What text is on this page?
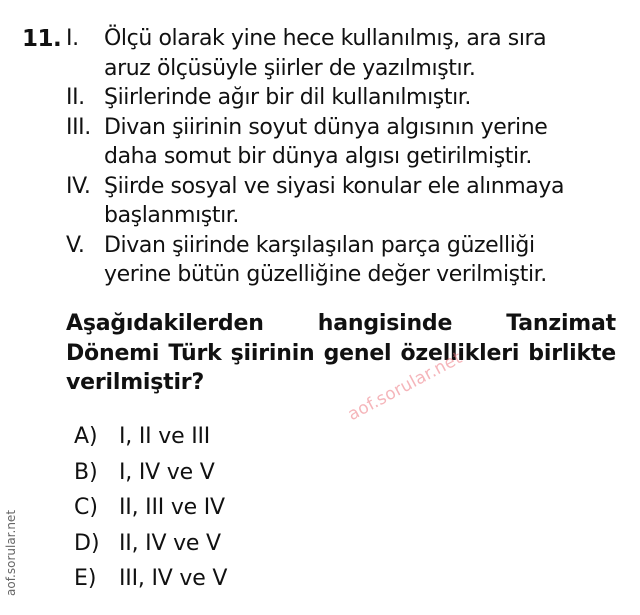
11. I.	Ölçü olarak yine hece kullanılmış, ara sıra
aruz ölçüsüyle şiirler de yazılmıştır.
II. Şiirlerinde ağır bir dil kullanılmıştır.
III. Divan şiirinin soyut dünya algısının yerine
daha somut bir dünya algısı getirilmiştir.
IV. Şiirde sosyal ve siyasi konular ele alınmaya
başlanmıştır.
V. Divan şiirinde karşılaşılan parça güzelliği
yerine bütün güzelliğine değer verilmiştir.

Aşağıdakilerden hangisinde Tanzimat Dönemi Türk şiirinin genel özellikleri birlikte verilmiştir?

A) I, II ve III
B) I, IV ve V
C) II, III ve IV
D) II, IV ve V
E)	III, IV ve V
aof.sorular.net
aof.sorular.net
